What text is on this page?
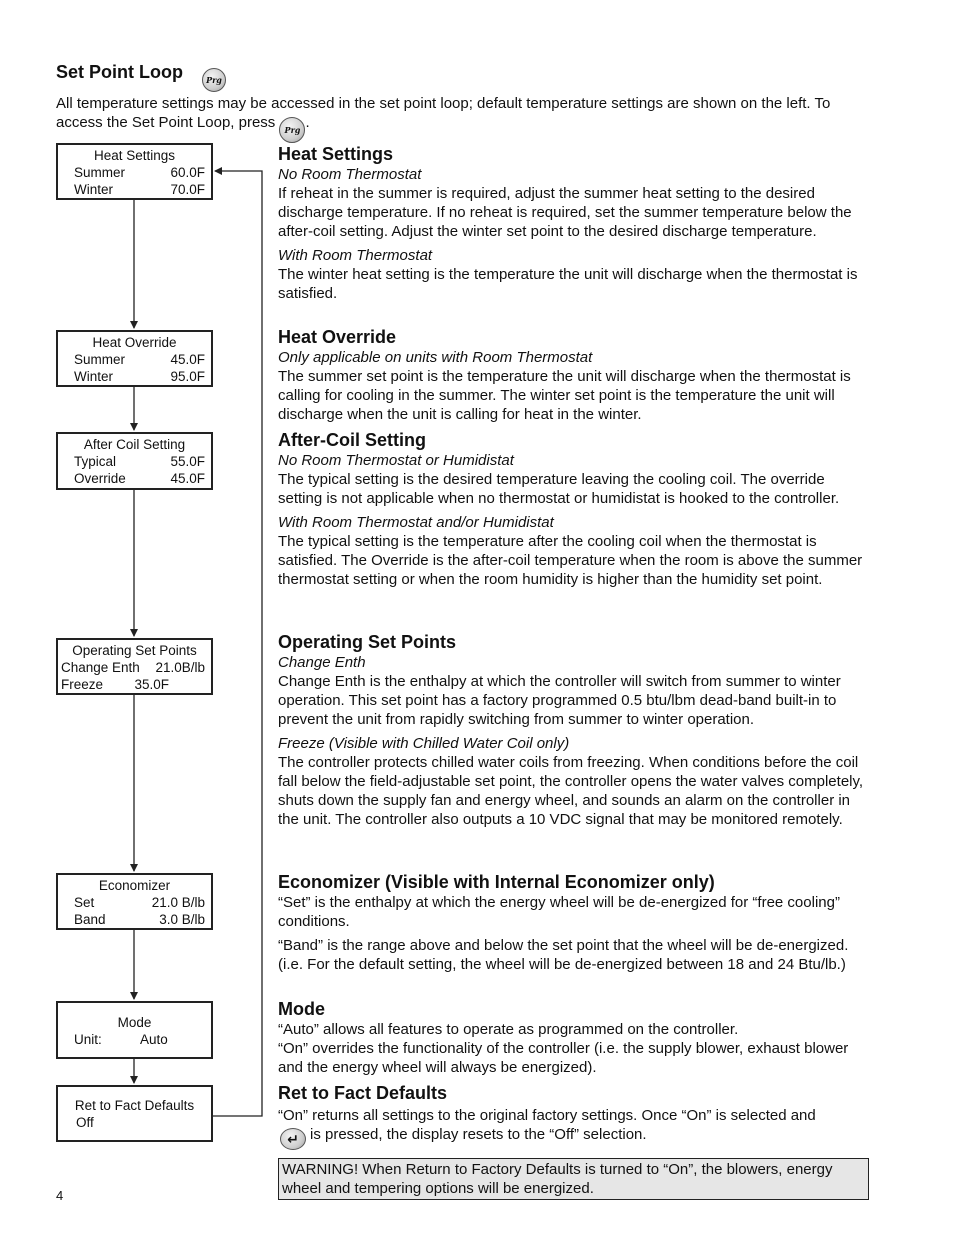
Set Point Loop	Prg

All temperature settings may be accessed in the set point loop; default temperature settings are shown on the left. To access the Set Point Loop, press Prg .

Heat Settings
Summer	60.0F
Winter	70.0F
Heat Override
Summer	45.0F
Winter	95.0F
After Coil Setting
Typical	55.0F
Override	45.0F
Operating Set Points
Change Enth 21.0B/lb
Freeze 35.0F
Economizer
Set	21.0 B/lb
Band	3.0 B/lb
Mode
Unit:	Auto
Ret to Fact Defaults
Off
Heat Settings

No Room Thermostat

If reheat in the summer is required, adjust the summer heat setting to the desired discharge temperature. If no reheat is required, set the summer temperature below the after-coil setting. Adjust the winter set point to the desired discharge temperature.

With Room Thermostat

The winter heat setting is the temperature the unit will discharge when the thermostat is satisfied.

Heat Override

Only applicable on units with Room Thermostat

The summer set point is the temperature the unit will discharge when the thermostat is calling for cooling in the summer. The winter set point is the temperature the unit will discharge when the unit is calling for heat in the winter.

After-Coil Setting

No Room Thermostat or Humidistat

The typical setting is the desired temperature leaving the cooling coil. The override setting is not applicable when no thermostat or humidistat is hooked to the controller.

With Room Thermostat and/or Humidistat

The typical setting is the temperature after the cooling coil when the thermostat is satisfied. The Override is the after-coil temperature when the room is above the summer thermostat setting or when the room humidity is higher than the humidity set point.

Operating Set Points

Change Enth

Change Enth is the enthalpy at which the controller will switch from summer to winter operation. This set point has a factory programmed 0.5 btu/lbm dead-band built-in to prevent the unit from rapidly switching from summer to winter operation.

Freeze (Visible with Chilled Water Coil only)

The controller protects chilled water coils from freezing. When conditions before the coil fall below the field-adjustable set point, the controller opens the water valves completely, shuts down the supply fan and energy wheel, and sounds an alarm on the controller in the unit. The controller also outputs a 10 VDC signal that may be monitored remotely.

Economizer (Visible with Internal Economizer only)

“Set” is the enthalpy at which the energy wheel will be de-energized for “free cooling” conditions.

“Band” is the range above and below the set point that the wheel will be de-energized. (i.e. For the default setting, the wheel will be de-energized between 18 and 24 Btu/lb.)

Mode

“Auto” allows all features to operate as programmed on the controller.

“On” overrides the functionality of the controller (i.e. the supply blower, exhaust blower and the energy wheel will always be energized).

Ret to Fact Defaults

“On” returns all settings to the original factory settings. Once “On” is selected and
↵ is pressed, the display resets to the “Off” selection.

WARNING! When Return to Factory Defaults is turned to “On”, the blowers, energy wheel and tempering options will be energized.
4
